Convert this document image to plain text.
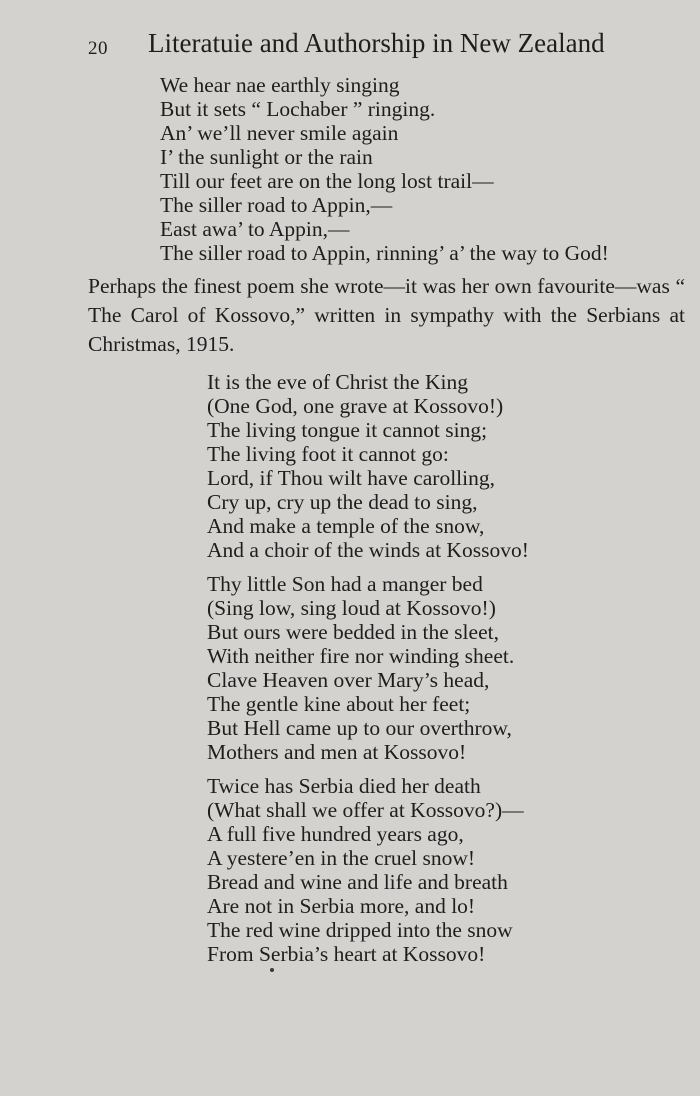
20 Literatuie and Authorship in New Zealand
We hear nae earthly singing
But it sets “ Lochaber ” ringing.
An’ we’ll never smile again
I’ the sunlight or the rain
Till our feet are on the long lost trail—
The siller road to Appin,—
East awa’ to Appin,—
The siller road to Appin, rinning’ a’ the way to God!

Perhaps the finest poem she wrote—it was her own favourite—was “ The Carol of Kossovo,” written in sympathy with the Serbians at Christmas, 1915.

It is the eve of Christ the King
(One God, one grave at Kossovo!)
The living tongue it cannot sing;
The living foot it cannot go:
Lord, if Thou wilt have carolling,
Cry up, cry up the dead to sing,
And make a temple of the snow,
And a choir of the winds at Kossovo!
Thy little Son had a manger bed
(Sing low, sing loud at Kossovo!)
But ours were bedded in the sleet,
With neither fire nor winding sheet.
Clave Heaven over Mary’s head,
The gentle kine about her feet;
But Hell came up to our overthrow,
Mothers and men at Kossovo!
Twice has Serbia died her death
(What shall we offer at Kossovo?)—
A full five hundred years ago,
A yestere’en in the cruel snow!
Bread and wine and life and breath
Are not in Serbia more, and lo!
The red wine dripped into the snow
From Serbia’s heart at Kossovo!
